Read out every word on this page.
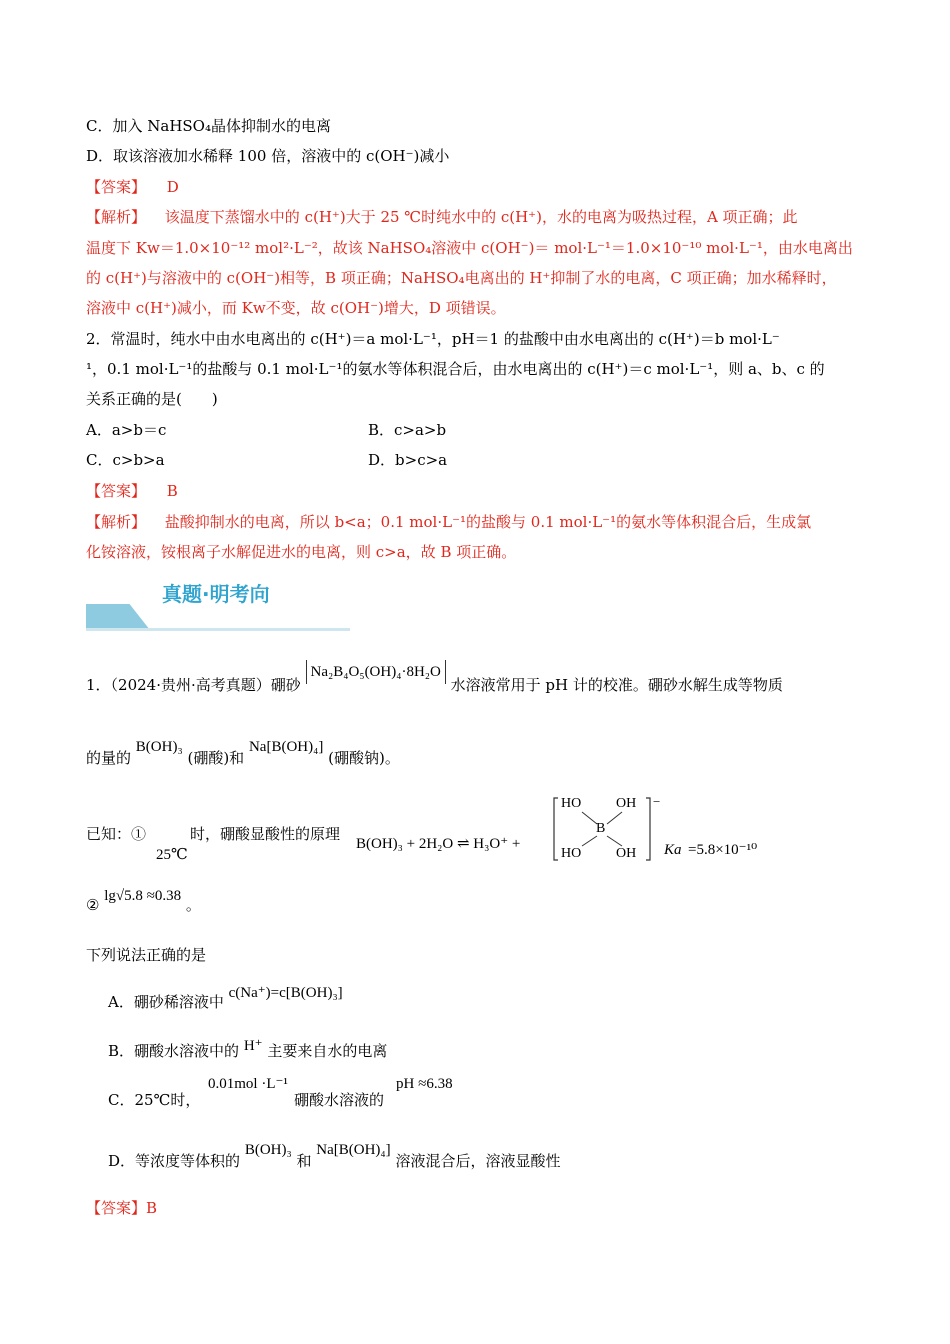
C．加入 NaHSO₄晶体抑制水的电离
D．取该溶液加水稀释 100 倍，溶液中的 c(OH⁻)减小
【答案】 D
【解析】 该温度下蒸馏水中的 c(H⁺)大于 25 ℃时纯水中的 c(H⁺)，水的电离为吸热过程，A 项正确；此
温度下 Kw＝1.0×10⁻¹² mol²·L⁻²，故该 NaHSO₄溶液中 c(OH⁻)＝ mol·L⁻¹＝1.0×10⁻¹⁰ mol·L⁻¹，由水电离出
的 c(H⁺)与溶液中的 c(OH⁻)相等，B 项正确；NaHSO₄电离出的 H⁺抑制了水的电离，C 项正确；加水稀释时，
溶液中 c(H⁺)减小，而 Kw不变，故 c(OH⁻)增大，D 项错误。
2．常温时，纯水中由水电离出的 c(H⁺)＝a mol·L⁻¹，pH＝1 的盐酸中由水电离出的 c(H⁺)＝b mol·L⁻
¹，0.1 mol·L⁻¹的盐酸与 0.1 mol·L⁻¹的氨水等体积混合后，由水电离出的 c(H⁺)＝c mol·L⁻¹，则 a、b、c 的
关系正确的是(　　)
A．a>b＝c	B．c>a>b
C．c>b>a	D．b>c>a
【答案】 B
【解析】 盐酸抑制水的电离，所以 b<a；0.1 mol·L⁻¹的盐酸与 0.1 mol·L⁻¹的氨水等体积混合后，生成氯
化铵溶液，铵根离子水解促进水的电离，则 c>a，故 B 项正确。
真题·明考向
1．（2024·贵州·高考真题）硼砂 Na₂B₄O₅(OH)₄·8H₂O 水溶液常用于 pH 计的校准。硼砂水解生成等物质
的量的 B(OH)₃ (硼酸)和 Na[B(OH)₄] (硼酸钠)。
已知：①
25℃
时，硼酸显酸性的原理
B(OH)₃ + 2H₂O ⇌ H₃O⁺ +
HO OH
B
HO OH
−
Ka =5.8×10⁻¹⁰
② lg√5.8 ≈0.38 。
下列说法正确的是
A．硼砂稀溶液中 c(Na⁺)=c[B(OH)₃]
B．硼酸水溶液中的 H⁺ 主要来自水的电离
C．25℃时，
0.01mol ·L⁻¹
硼酸水溶液的
pH ≈6.38
D．等浓度等体积的 B(OH)₃ 和 Na[B(OH)₄] 溶液混合后，溶液显酸性
【答案】B
